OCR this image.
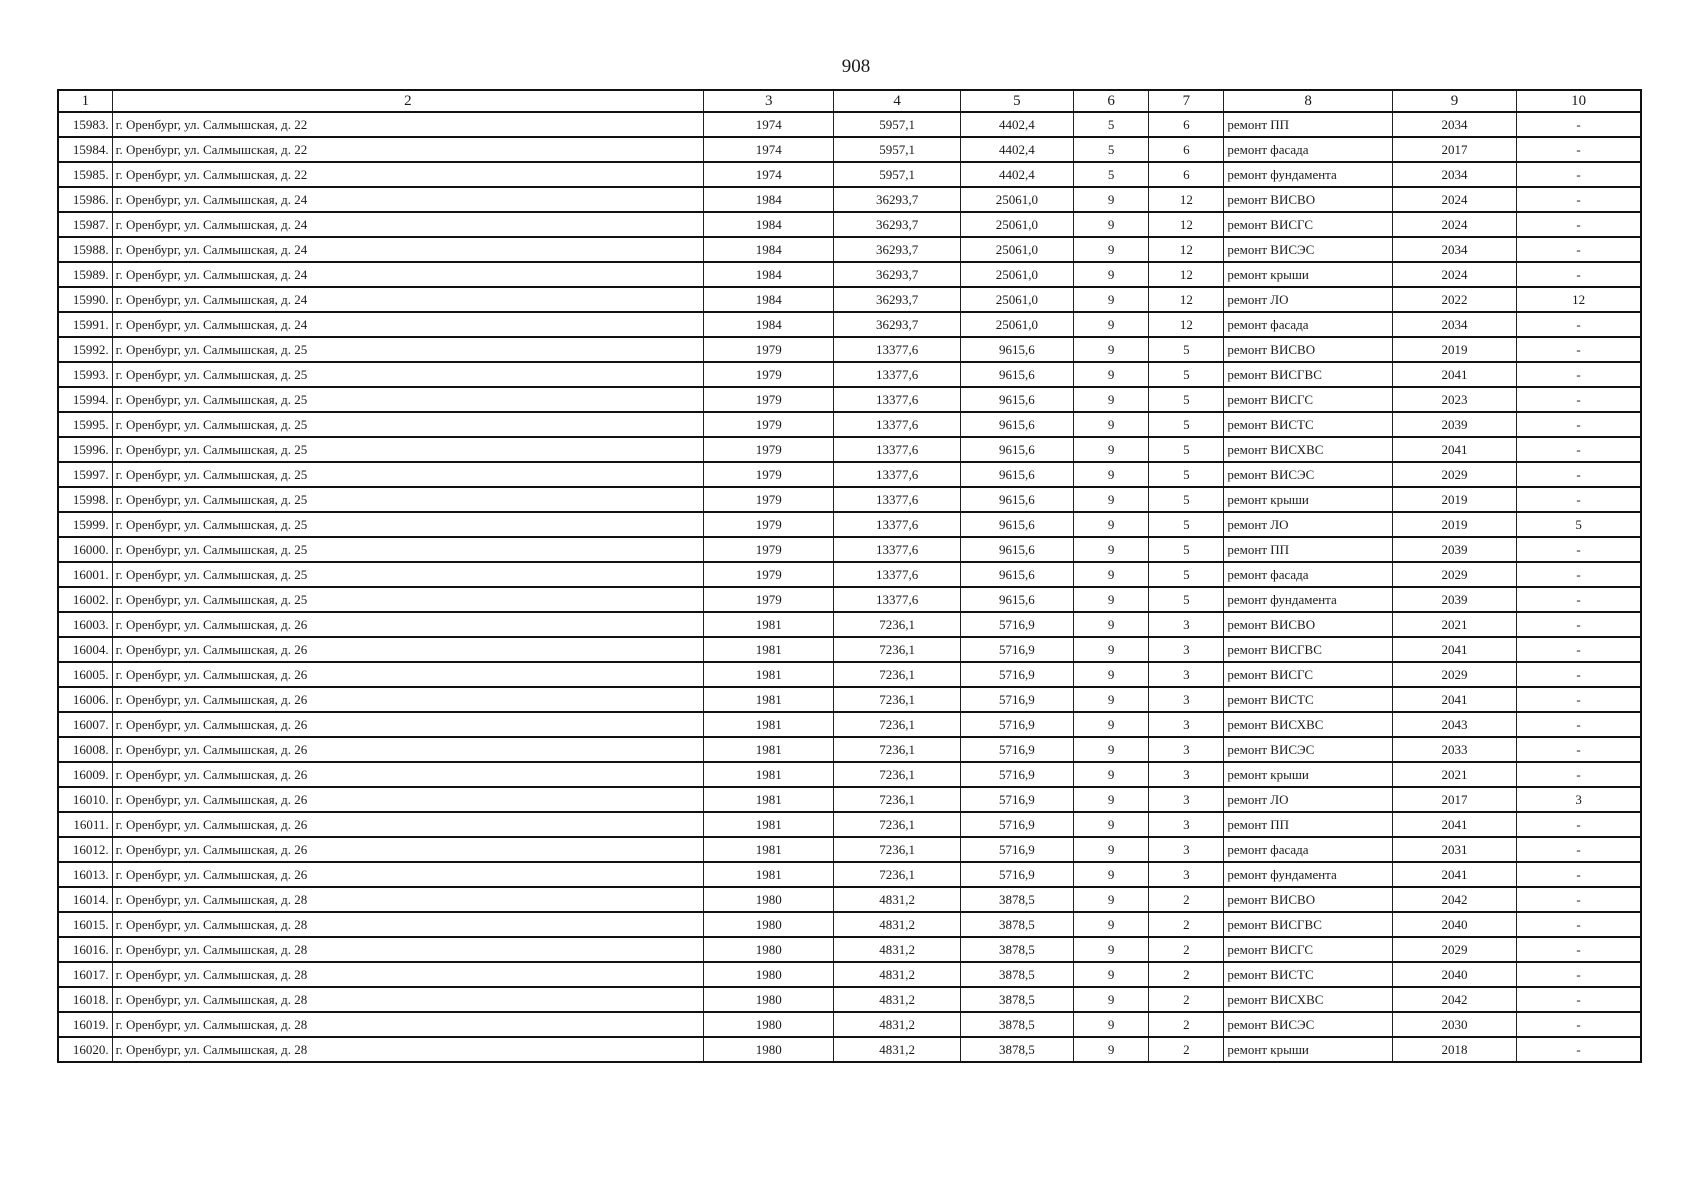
908
1	2	3	4	5	6	7	8	9	10
15983.	г. Оренбург, ул. Салмышская, д. 22	1974	5957,1	4402,4	5	6	ремонт ПП	2034	-
15984.	г. Оренбург, ул. Салмышская, д. 22	1974	5957,1	4402,4	5	6	ремонт фасада	2017	-
15985.	г. Оренбург, ул. Салмышская, д. 22	1974	5957,1	4402,4	5	6	ремонт фундамента	2034	-
15986.	г. Оренбург, ул. Салмышская, д. 24	1984	36293,7	25061,0	9	12	ремонт ВИСВО	2024	-
15987.	г. Оренбург, ул. Салмышская, д. 24	1984	36293,7	25061,0	9	12	ремонт ВИСГС	2024	-
15988.	г. Оренбург, ул. Салмышская, д. 24	1984	36293,7	25061,0	9	12	ремонт ВИСЭС	2034	-
15989.	г. Оренбург, ул. Салмышская, д. 24	1984	36293,7	25061,0	9	12	ремонт крыши	2024	-
15990.	г. Оренбург, ул. Салмышская, д. 24	1984	36293,7	25061,0	9	12	ремонт ЛО	2022	12
15991.	г. Оренбург, ул. Салмышская, д. 24	1984	36293,7	25061,0	9	12	ремонт фасада	2034	-
15992.	г. Оренбург, ул. Салмышская, д. 25	1979	13377,6	9615,6	9	5	ремонт ВИСВО	2019	-
15993.	г. Оренбург, ул. Салмышская, д. 25	1979	13377,6	9615,6	9	5	ремонт ВИСГВС	2041	-
15994.	г. Оренбург, ул. Салмышская, д. 25	1979	13377,6	9615,6	9	5	ремонт ВИСГС	2023	-
15995.	г. Оренбург, ул. Салмышская, д. 25	1979	13377,6	9615,6	9	5	ремонт ВИСТС	2039	-
15996.	г. Оренбург, ул. Салмышская, д. 25	1979	13377,6	9615,6	9	5	ремонт ВИСХВС	2041	-
15997.	г. Оренбург, ул. Салмышская, д. 25	1979	13377,6	9615,6	9	5	ремонт ВИСЭС	2029	-
15998.	г. Оренбург, ул. Салмышская, д. 25	1979	13377,6	9615,6	9	5	ремонт крыши	2019	-
15999.	г. Оренбург, ул. Салмышская, д. 25	1979	13377,6	9615,6	9	5	ремонт ЛО	2019	5
16000.	г. Оренбург, ул. Салмышская, д. 25	1979	13377,6	9615,6	9	5	ремонт ПП	2039	-
16001.	г. Оренбург, ул. Салмышская, д. 25	1979	13377,6	9615,6	9	5	ремонт фасада	2029	-
16002.	г. Оренбург, ул. Салмышская, д. 25	1979	13377,6	9615,6	9	5	ремонт фундамента	2039	-
16003.	г. Оренбург, ул. Салмышская, д. 26	1981	7236,1	5716,9	9	3	ремонт ВИСВО	2021	-
16004.	г. Оренбург, ул. Салмышская, д. 26	1981	7236,1	5716,9	9	3	ремонт ВИСГВС	2041	-
16005.	г. Оренбург, ул. Салмышская, д. 26	1981	7236,1	5716,9	9	3	ремонт ВИСГС	2029	-
16006.	г. Оренбург, ул. Салмышская, д. 26	1981	7236,1	5716,9	9	3	ремонт ВИСТС	2041	-
16007.	г. Оренбург, ул. Салмышская, д. 26	1981	7236,1	5716,9	9	3	ремонт ВИСХВС	2043	-
16008.	г. Оренбург, ул. Салмышская, д. 26	1981	7236,1	5716,9	9	3	ремонт ВИСЭС	2033	-
16009.	г. Оренбург, ул. Салмышская, д. 26	1981	7236,1	5716,9	9	3	ремонт крыши	2021	-
16010.	г. Оренбург, ул. Салмышская, д. 26	1981	7236,1	5716,9	9	3	ремонт ЛО	2017	3
16011.	г. Оренбург, ул. Салмышская, д. 26	1981	7236,1	5716,9	9	3	ремонт ПП	2041	-
16012.	г. Оренбург, ул. Салмышская, д. 26	1981	7236,1	5716,9	9	3	ремонт фасада	2031	-
16013.	г. Оренбург, ул. Салмышская, д. 26	1981	7236,1	5716,9	9	3	ремонт фундамента	2041	-
16014.	г. Оренбург, ул. Салмышская, д. 28	1980	4831,2	3878,5	9	2	ремонт ВИСВО	2042	-
16015.	г. Оренбург, ул. Салмышская, д. 28	1980	4831,2	3878,5	9	2	ремонт ВИСГВС	2040	-
16016.	г. Оренбург, ул. Салмышская, д. 28	1980	4831,2	3878,5	9	2	ремонт ВИСГС	2029	-
16017.	г. Оренбург, ул. Салмышская, д. 28	1980	4831,2	3878,5	9	2	ремонт ВИСТС	2040	-
16018.	г. Оренбург, ул. Салмышская, д. 28	1980	4831,2	3878,5	9	2	ремонт ВИСХВС	2042	-
16019.	г. Оренбург, ул. Салмышская, д. 28	1980	4831,2	3878,5	9	2	ремонт ВИСЭС	2030	-
16020.	г. Оренбург, ул. Салмышская, д. 28	1980	4831,2	3878,5	9	2	ремонт крыши	2018	-
